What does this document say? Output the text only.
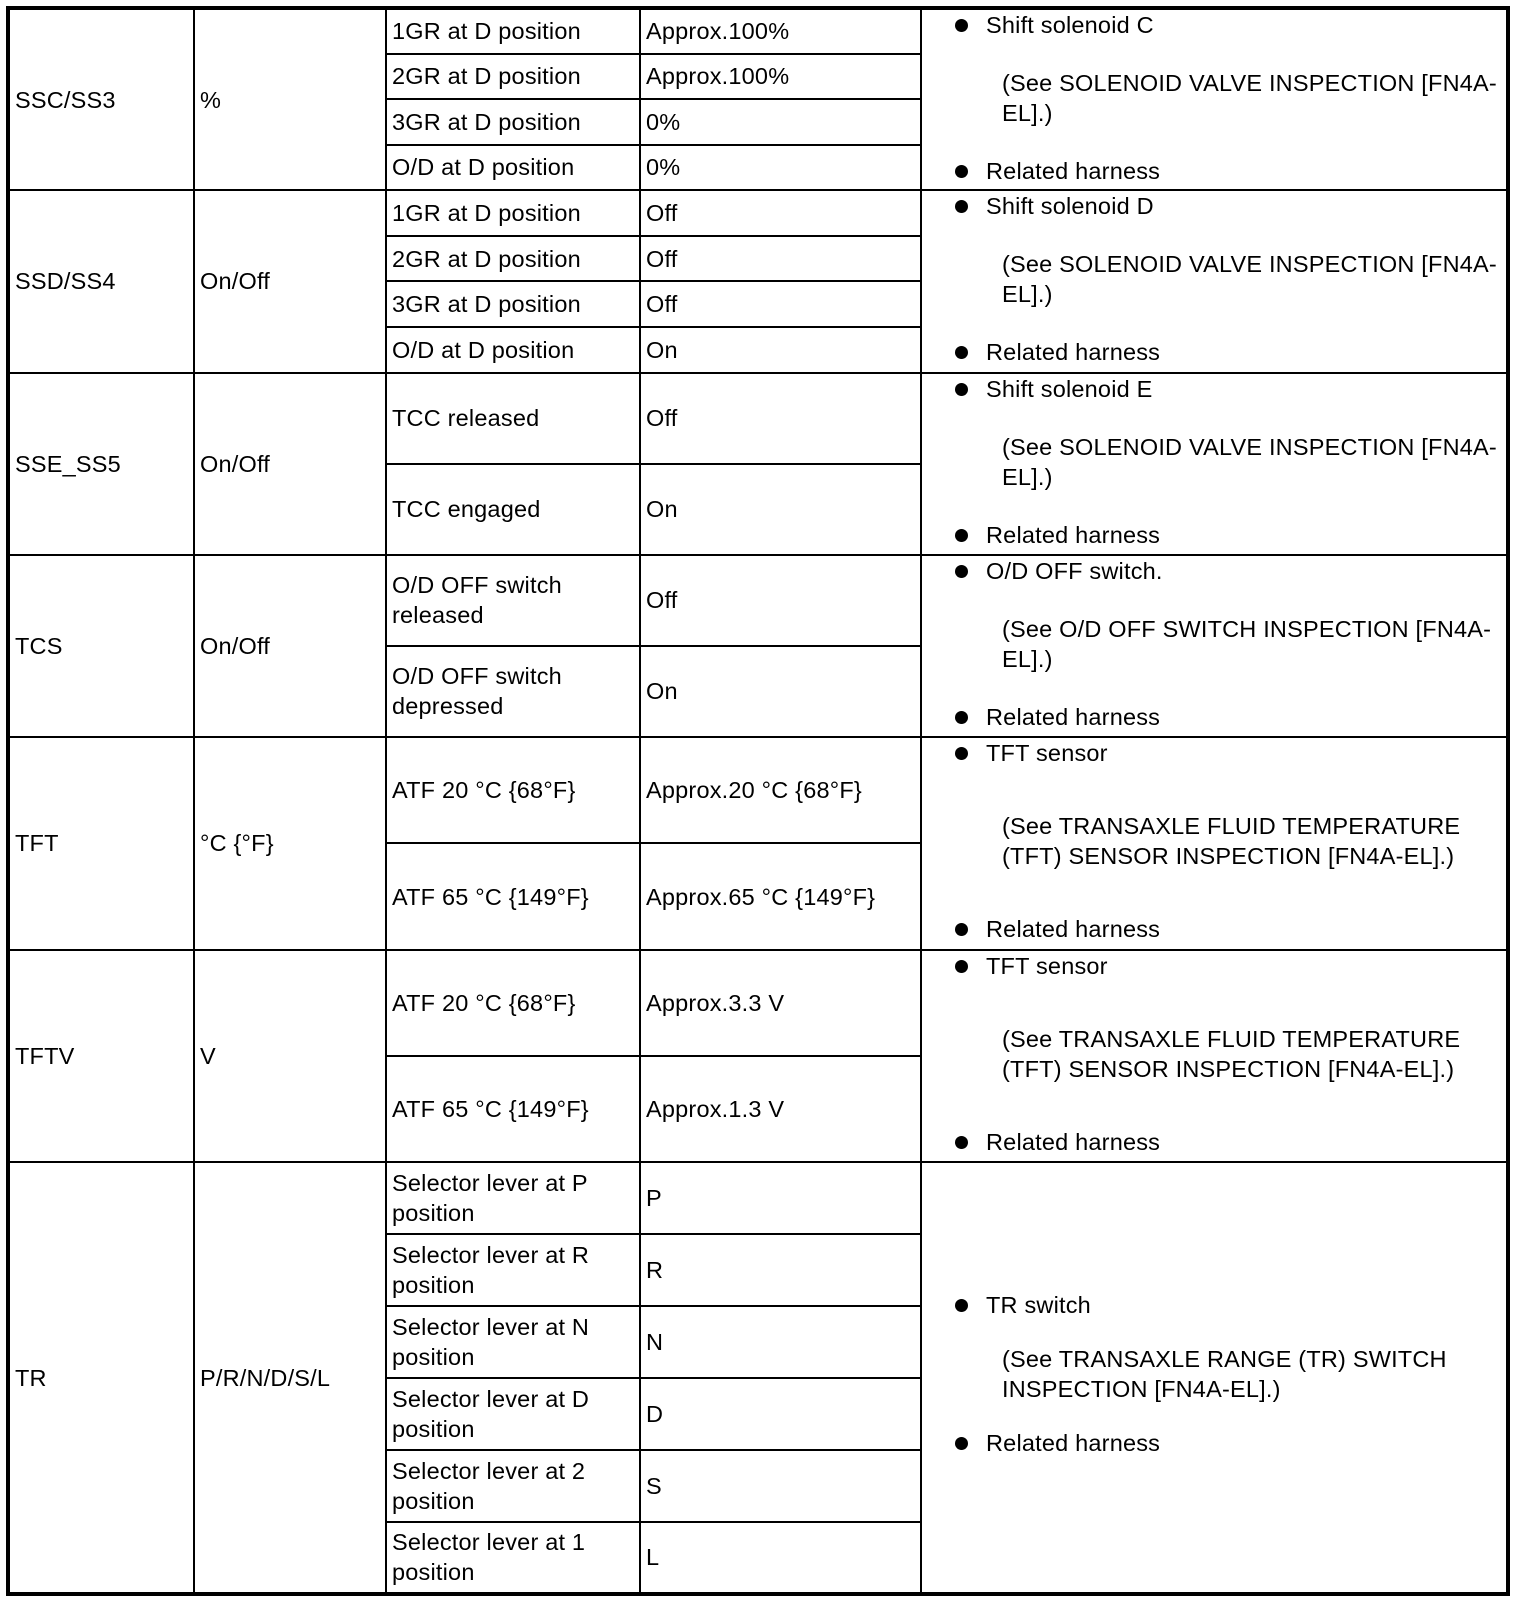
SSC/SS3	%	1GR at D position	Approx.100%	Shift solenoid C
(See SOLENOID VALVE INSPECTION [FN4A-EL].)
Related harness

		2GR at D position	Approx.100%	
		3GR at D position	0%	
		O/D at D position	0%	
SSD/SS4	On/Off	1GR at D position	Off	Shift solenoid D
(See SOLENOID VALVE INSPECTION [FN4A-EL].)
Related harness

		2GR at D position	Off	
		3GR at D position	Off	
		O/D at D position	On	
SSE_SS5	On/Off	TCC released	Off	Shift solenoid E
(See SOLENOID VALVE INSPECTION [FN4A-EL].)
Related harness

		TCC engaged	On	
TCS	On/Off	O/D OFF switch released	Off	O/D OFF switch.
(See O/D OFF SWITCH INSPECTION [FN4A-EL].)
Related harness

		O/D OFF switch depressed	On	
TFT	°C {°F}	ATF 20 °C {68°F}	Approx.20 °C {68°F}	TFT sensor
(See TRANSAXLE FLUID TEMPERATURE (TFT) SENSOR INSPECTION [FN4A-EL].)
Related harness

		ATF 65 °C {149°F}	Approx.65 °C {149°F}	
TFTV	V	ATF 20 °C {68°F}	Approx.3.3 V	TFT sensor
(See TRANSAXLE FLUID TEMPERATURE (TFT) SENSOR INSPECTION [FN4A-EL].)
Related harness

		ATF 65 °C {149°F}	Approx.1.3 V	
TR	P/R/N/D/S/L	Selector lever at P position	P	TR switch
(See TRANSAXLE RANGE (TR) SWITCH INSPECTION [FN4A-EL].)
Related harness

		Selector lever at R position	R	
		Selector lever at N position	N	
		Selector lever at D position	D	
		Selector lever at 2 position	S	
		Selector lever at 1 position	L	
